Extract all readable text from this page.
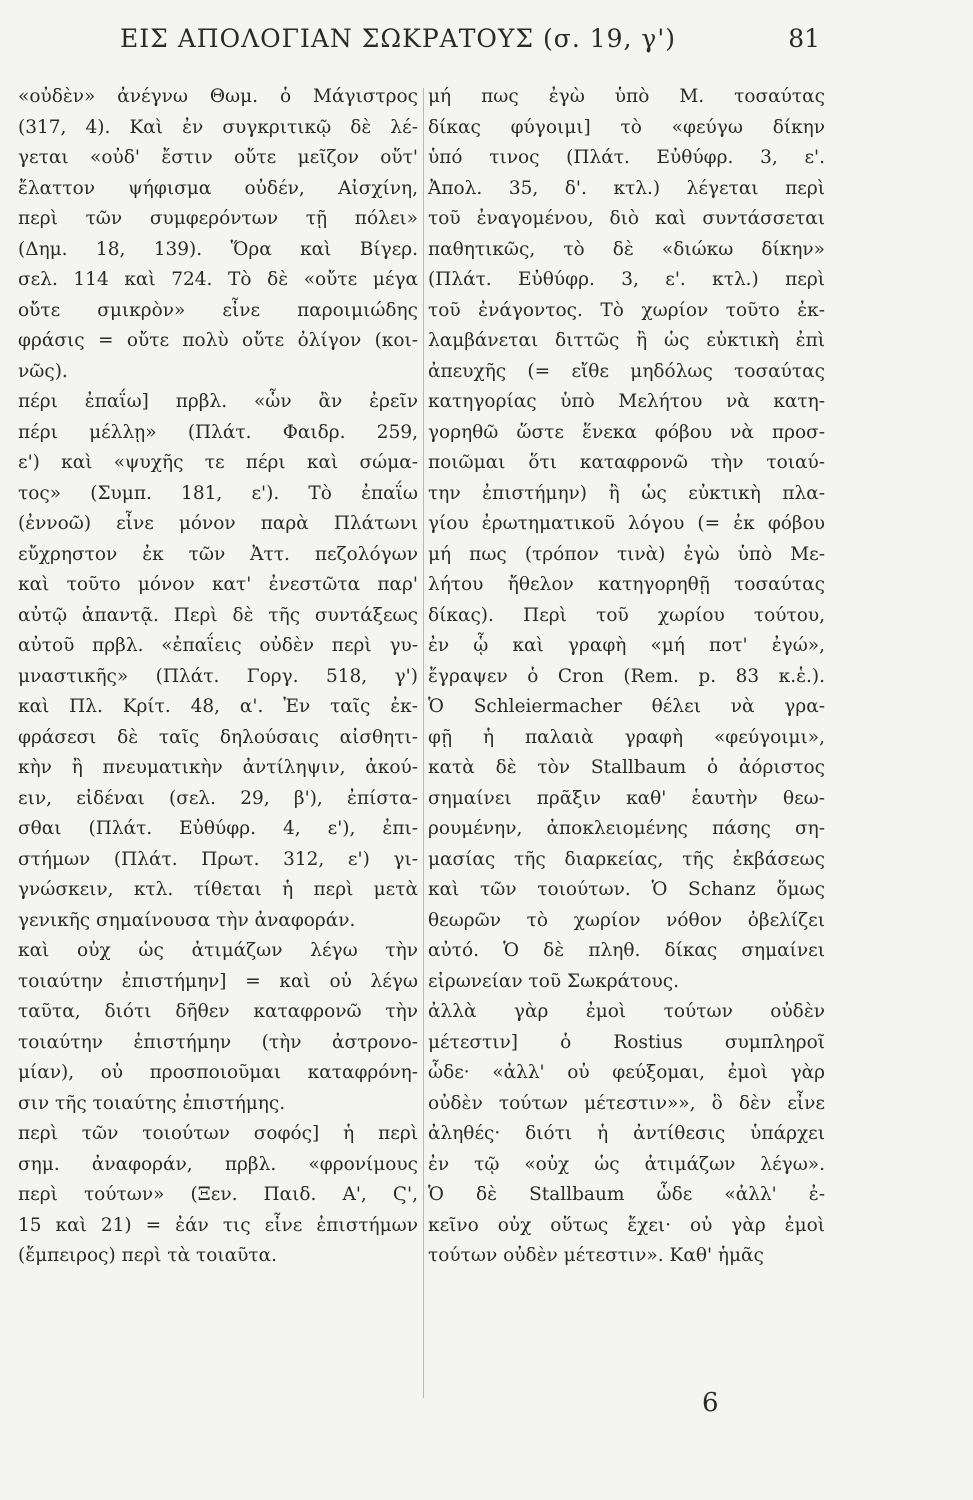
ΕΙΣ ΑΠΟΛΟΓΙΑΝ ΣΩΚΡΑΤΟΥΣ (σ. 19, γ')	81

«οὐδὲν» ἀνέγνω Θωμ. ὁ Μάγιστρος

(317, 4). Καὶ ἐν συγκριτικῷ δὲ λέ-

γεται «οὐδ' ἔστιν οὔτε μεῖζον οὔτ'

ἔλαττον ψήφισμα οὐδέν, Αἰσχίνη,

περὶ τῶν συμφερόντων τῇ πόλει»

(Δημ. 18, 139). Ὅρα καὶ Βίγερ.

σελ. 114 καὶ 724. Τὸ δὲ «οὔτε μέγα

οὔτε σμικρὸν» εἶνε παροιμιώδης

φράσις = οὔτε πολὺ οὔτε ὀλίγον (κοι-

νῶς).

πέρι ἐπαΐω] πρβλ. «ὧν ἂν ἐρεῖν

πέρι μέλλῃ» (Πλάτ. Φαιδρ. 259,

ε') καὶ «ψυχῆς τε πέρι καὶ σώμα-

τος» (Συμπ. 181, ε'). Τὸ ἐπαΐω

(ἐννοῶ) εἶνε μόνον παρὰ Πλάτωνι

εὔχρηστον ἐκ τῶν Ἀττ. πεζολόγων

καὶ τοῦτο μόνον κατ' ἐνεστῶτα παρ'

αὐτῷ ἁπαντᾷ. Περὶ δὲ τῆς συντάξεως

αὐτοῦ πρβλ. «ἐπαΐεις οὐδὲν περὶ γυ-

μναστικῆς» (Πλάτ. Γοργ. 518, γ')

καὶ Πλ. Κρίτ. 48, α'. Ἐν ταῖς ἐκ-

φράσεσι δὲ ταῖς δηλούσαις αἰσθητι-

κὴν ἢ πνευματικὴν ἀντίληψιν, ἀκού-

ειν, εἰδέναι (σελ. 29, β'), ἐπίστα-

σθαι (Πλάτ. Εὐθύφρ. 4, ε'), ἐπι-

στήμων (Πλάτ. Πρωτ. 312, ε') γι-

γνώσκειν, κτλ. τίθεται ἡ περὶ μετὰ

γενικῆς σημαίνουσα τὴν ἀναφοράν.

καὶ οὐχ ὡς ἀτιμάζων λέγω τὴν

τοιαύτην ἐπιστήμην] = καὶ οὐ λέγω

ταῦτα, διότι δῆθεν καταφρονῶ τὴν

τοιαύτην ἐπιστήμην (τὴν ἀστρονο-

μίαν), οὐ προσποιοῦμαι καταφρόνη-

σιν τῆς τοιαύτης ἐπιστήμης.

περὶ τῶν τοιούτων σοφός] ἡ περὶ

σημ. ἀναφοράν, πρβλ. «φρονίμους

περὶ τούτων» (Ξεν. Παιδ. Α', Ϛ',

15 καὶ 21) = ἐάν τις εἶνε ἐπιστήμων

(ἔμπειρος) περὶ τὰ τοιαῦτα.

μή πως ἐγὼ ὑπὸ Μ. τοσαύτας

δίκας φύγοιμι] τὸ «φεύγω δίκην

ὑπό τινος (Πλάτ. Εὐθύφρ. 3, ε'.

Ἀπολ. 35, δ'. κτλ.) λέγεται περὶ

τοῦ ἐναγομένου, διὸ καὶ συντάσσεται

παθητικῶς, τὸ δὲ «διώκω δίκην»

(Πλάτ. Εὐθύφρ. 3, ε'. κτλ.) περὶ

τοῦ ἐνάγοντος. Τὸ χωρίον τοῦτο ἐκ-

λαμβάνεται διττῶς ἢ ὡς εὐκτικὴ ἐπὶ

ἀπευχῆς (= εἴθε μηδόλως τοσαύτας

κατηγορίας ὑπὸ Μελήτου νὰ κατη-

γορηθῶ ὥστε ἕνεκα φόβου νὰ προσ-

ποιῶμαι ὅτι καταφρονῶ τὴν τοιαύ-

την ἐπιστήμην) ἢ ὡς εὐκτικὴ πλα-

γίου ἐρωτηματικοῦ λόγου (= ἐκ φόβου

μή πως (τρόπον τινὰ) ἐγὼ ὑπὸ Με-

λήτου ἤθελον κατηγορηθῇ τοσαύτας

δίκας). Περὶ τοῦ χωρίου τούτου,

ἐν ᾧ καὶ γραφὴ «μή ποτ' ἐγώ»,

ἔγραψεν ὁ Cron (Rem. p. 83 κ.ἑ.).

Ὁ Schleiermacher θέλει νὰ γρα-

φῇ ἡ παλαιὰ γραφὴ «φεύγοιμι»,

κατὰ δὲ τὸν Stallbaum ὁ ἀόριστος

σημαίνει πρᾶξιν καθ' ἑαυτὴν θεω-

ρουμένην, ἀποκλειομένης πάσης ση-

μασίας τῆς διαρκείας, τῆς ἐκβάσεως

καὶ τῶν τοιούτων. Ὁ Schanz ὅμως

θεωρῶν τὸ χωρίον νόθον ὀβελίζει

αὐτό. Ὁ δὲ πληθ. δίκας σημαίνει

εἰρωνείαν τοῦ Σωκράτους.

ἀλλὰ γὰρ ἐμοὶ τούτων οὐδὲν

μέτεστιν] ὁ Rostius συμπληροῖ

ὧδε· «ἀλλ' οὐ φεύξομαι, ἐμοὶ γὰρ

οὐδὲν τούτων μέτεστιν»», ὃ δὲν εἶνε

ἀληθές· διότι ἡ ἀντίθεσις ὑπάρχει

ἐν τῷ «οὐχ ὡς ἀτιμάζων λέγω».

Ὁ δὲ Stallbaum ὧδε «ἀλλ' ἐ-

κεῖνο οὐχ οὕτως ἔχει· οὐ γὰρ ἐμοὶ

τούτων οὐδὲν μέτεστιν». Καθ' ἡμᾶς

6
